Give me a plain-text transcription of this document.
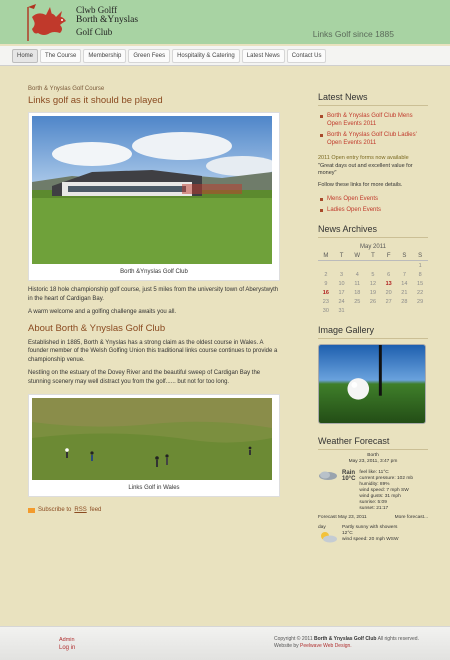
Clwb Golff
Borth &Ynyslas
Golf Club	Links Golf since 1885
Home	The Course	Membership	Green Fees	Hospitality & Catering	Latest News	Contact Us
Borth & Ynyslas Golf Course
Links golf as it should be played
Borth &Ynyslas Golf Club

Historic 18 hole championship golf course, just 5 miles from the university town of Aberystwyth in the heart of Cardigan Bay.

A warm welcome and a golfing challenge awaits you all.

About Borth & Ynyslas Golf Club

Established in 1885, Borth & Ynyslas has a strong claim as the oldest course in Wales. A founder member of the Welsh Golfing Union this traditional links course continues to provide a championship venue.

Nestling on the estuary of the Dovey River and the beautiful sweep of Cardigan Bay the stunning scenery may well distract you from the golf...... but not for too long.

Links Golf in Wales
Subscribe to RSS feed
Latest News
Borth & Ynyslas Golf Club Mens Open Events 2011
Borth & Ynyslas Golf Club Ladies' Open Events 2011
2011 Open entry forms now available
"Great days out and excellent value for money"
Follow these links for more details.
Mens Open Events
Ladies Open Events
News Archives
May 2011
M	T	W	T	F	S	S
						1
2	3	4	5	6	7	8
9	10	11	12	13	14	15
16	17	18	19	20	21	22
23	24	25	26	27	28	29
30	31					
Image Gallery
Weather Forecast
Borth
May 23, 2011, 3:47 pm
Rain
10°C
feel like: 11°C
current pressure: 102 mb
humidity: 89%
wind speed: 7 mph SW
wind gusts: 31 mph
sunrise: 5:09
sunset: 21:17
Forecast May 23, 2011	More forecast...
day	Partly sunny with showers
12°C
wind speed: 20 mph WSW
Admin
Log in
Copyright © 2011 Borth & Ynyslas Golf Club All rights reserved.
Website by Peelwave Web Design.
